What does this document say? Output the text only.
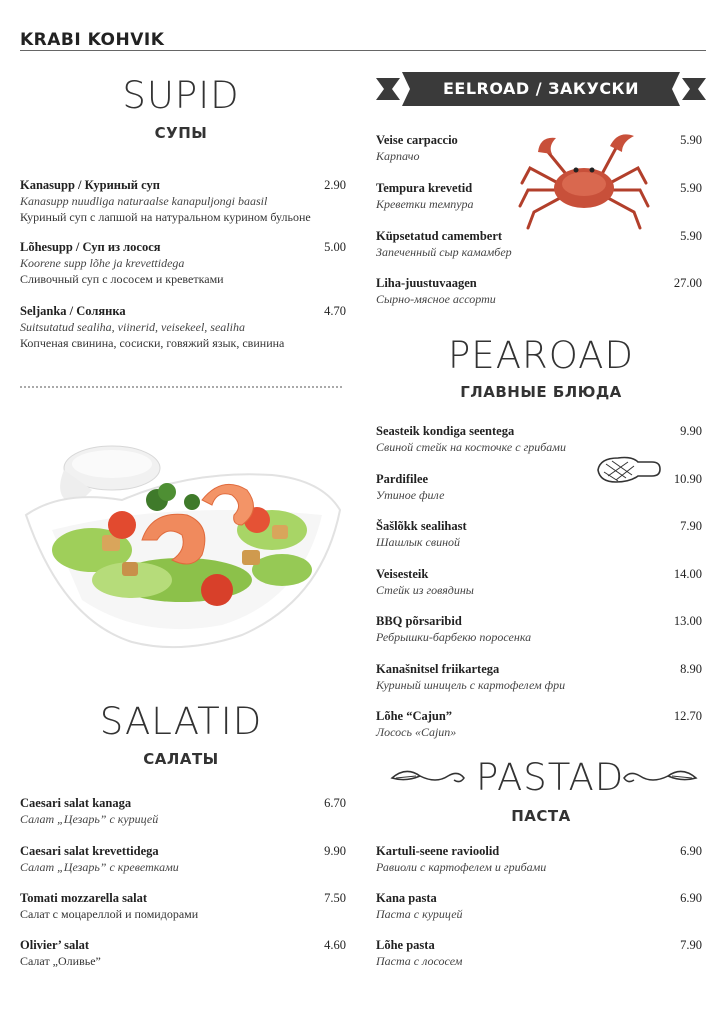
KRABI KOHVIK
SUPID
СУПЫ
Kanasupp / Куриный суп
Kanasupp nuudliga naturaalse kanapuljongi baasil
Куриный суп с лапшой на натуральном курином бульоне
2.90
Lõhesupp / Суп из лосося
Koorene supp lõhe ja krevettidega
Сливочный суп с лососем и креветками
5.00
Seljanka / Солянка
Suitsutatud sealiha, viinerid, veisekeel, sealiha
Копченая свинина, сосиски, говяжий язык, свинина
4.70
SALATID
САЛАТЫ
Caesari salat kanaga
Салат „Цезарь” с курицей
6.70
Caesari salat krevettidega
Салат „Цезарь” с креветками
9.90
Tomati mozzarella salat
Салат с моцареллой и помидорами
7.50
Olivier’ salat
Салат „Оливье”
4.60
EELROAD / ЗАКУСКИ
Veise carpaccio
Карпачо
5.90
Tempura krevetid
Креветки темпура
5.90
Küpsetatud camembert
Запеченный сыр камамбер
5.90
Liha-juustuvaagen
Сырно-мясное ассорти
27.00
PEAROAD
ГЛАВНЫЕ БЛЮДА
Seasteik kondiga seentega
Свиной стейк на косточке с грибами
9.90
Pardifilee
Утиное филе
10.90
Šašlõkk sealihast
Шашлык свиной
7.90
Veisesteik
Стейк из говядины
14.00
BBQ põrsaribid
Ребрышки-барбекю поросенка
13.00
Kanašnitsel friikartega
Куриный шницель с картофелем фри
8.90
Lõhe “Cajun”
Лосось «Cajun»
12.70
PASTAD
ПАСТА
Kartuli-seene ravioolid
Равиоли с картофелем и грибами
6.90
Kana pasta
Паста с курицей
6.90
Lõhe pasta
Паста с лососем
7.90
